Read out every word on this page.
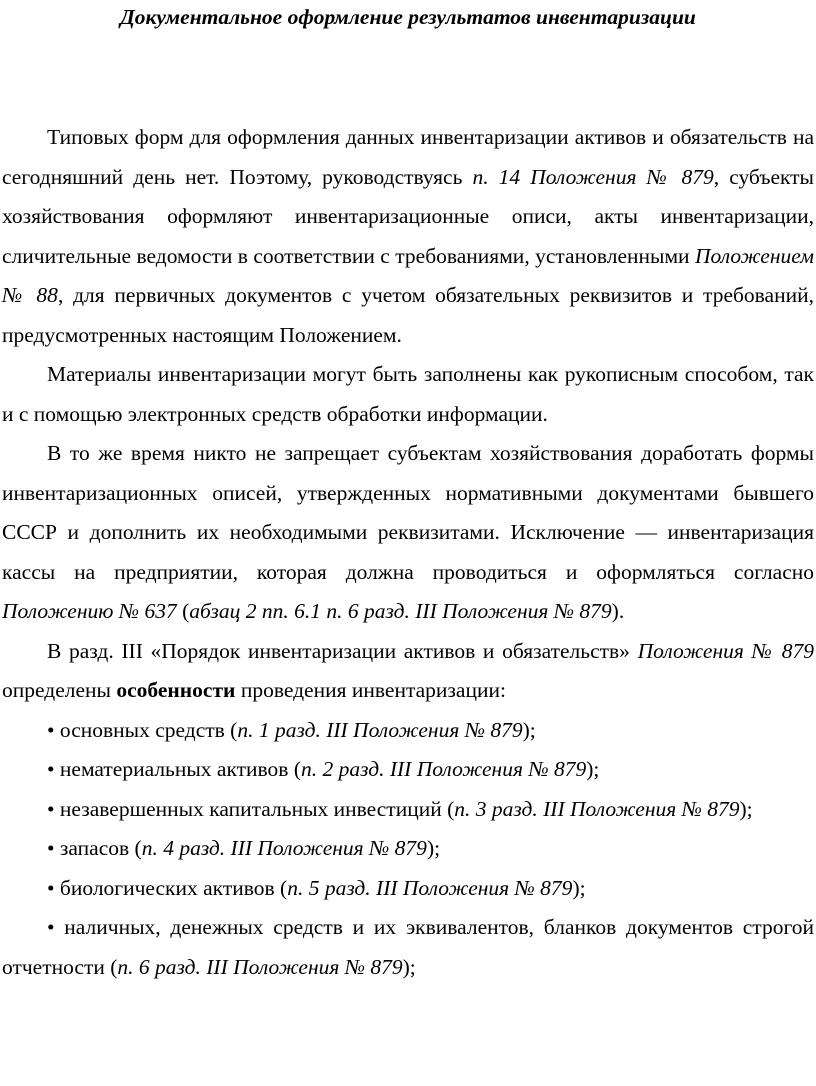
Документальное оформление результатов инвентаризации

Типовых форм для оформления данных инвентаризации активов и обязательств на сегодняшний день нет. Поэтому, руководствуясь п. 14 Положения № 879, субъекты хозяйствования оформляют инвентаризационные описи, акты инвентаризации, сличительные ведомости в соответствии с требованиями, установленными Положением № 88, для первичных документов с учетом обязательных реквизитов и требований, предусмотренных настоящим Положением.

Материалы инвентаризации могут быть заполнены как рукописным способом, так и с помощью электронных средств обработки информации.

В то же время никто не запрещает субъектам хозяйствования доработать формы инвентаризационных описей, утвержденных нормативными документами бывшего СССР и дополнить их необходимыми реквизитами. Исключение — инвентаризация кассы на предприятии, которая должна проводиться и оформляться согласно Положению № 637 (абзац 2 пп. 6.1 п. 6 разд. III Положения № 879).

В разд. III «Порядок инвентаризации активов и обязательств» Положения № 879 определены особенности проведения инвентаризации:

• основных средств (п. 1 разд. III Положения № 879);

• нематериальных активов (п. 2 разд. III Положения № 879);

• незавершенных капитальных инвестиций (п. 3 разд. III Положения № 879);

• запасов (п. 4 разд. III Положения № 879);

• биологических активов (п. 5 разд. III Положения № 879);

• наличных, денежных средств и их эквивалентов, бланков документов строгой отчетности (п. 6 разд. III Положения № 879);
